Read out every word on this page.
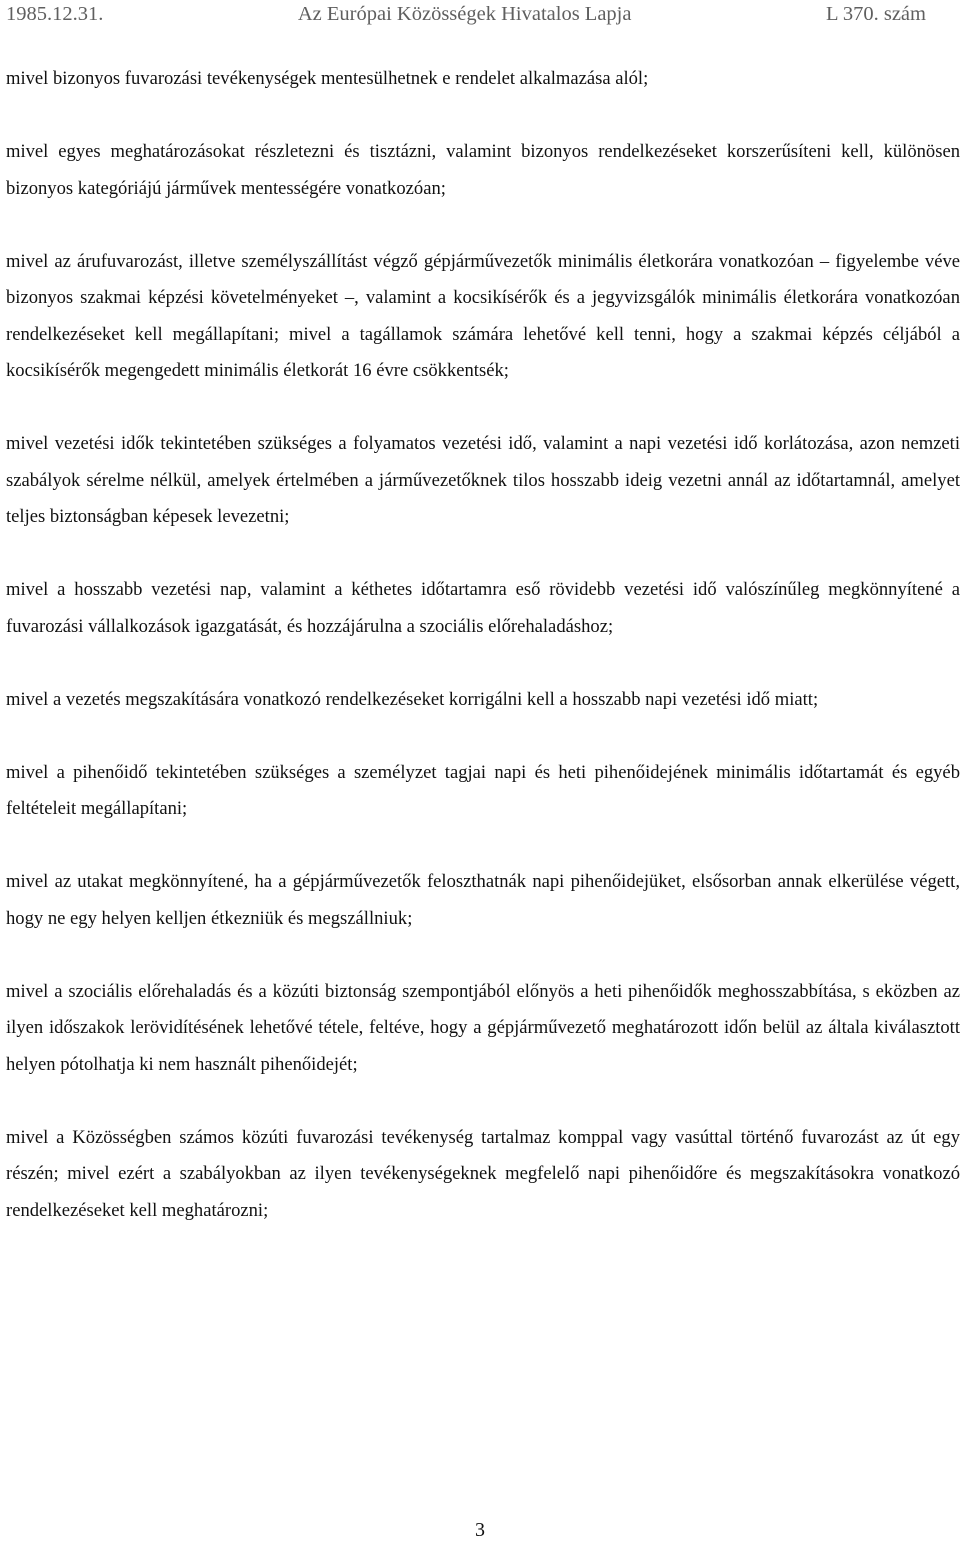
1985.12.31.	Az Európai Közösségek Hivatalos Lapja	L 370. szám

mivel bizonyos fuvarozási tevékenységek mentesülhetnek e rendelet alkalmazása alól;

mivel egyes meghatározásokat részletezni és tisztázni, valamint bizonyos rendelkezéseket korszerűsíteni kell, különösen bizonyos kategóriájú járművek mentességére vonatkozóan;

mivel az árufuvarozást, illetve személyszállítást végző gépjárművezetők minimális életkorára vonatkozóan – figyelembe véve bizonyos szakmai képzési követelményeket –, valamint a kocsikísérők és a jegyvizsgálók minimális életkorára vonatkozóan rendelkezéseket kell megállapítani; mivel a tagállamok számára lehetővé kell tenni, hogy a szakmai képzés céljából a kocsikísérők megengedett minimális életkorát 16 évre csökkentsék;

mivel vezetési idők tekintetében szükséges a folyamatos vezetési idő, valamint a napi vezetési idő korlátozása, azon nemzeti szabályok sérelme nélkül, amelyek értelmében a járművezetőknek tilos hosszabb ideig vezetni annál az időtartamnál, amelyet teljes biztonságban képesek levezetni;

mivel a hosszabb vezetési nap, valamint a kéthetes időtartamra eső rövidebb vezetési idő valószínűleg megkönnyítené a fuvarozási vállalkozások igazgatását, és hozzájárulna a szociális előrehaladáshoz;

mivel a vezetés megszakítására vonatkozó rendelkezéseket korrigálni kell a hosszabb napi vezetési idő miatt;

mivel a pihenőidő tekintetében szükséges a személyzet tagjai napi és heti pihenőidejének minimális időtartamát és egyéb feltételeit megállapítani;

mivel az utakat megkönnyítené, ha a gépjárművezetők feloszthatnák napi pihenőidejüket, elsősorban annak elkerülése végett, hogy ne egy helyen kelljen étkezniük és megszállniuk;

mivel a szociális előrehaladás és a közúti biztonság szempontjából előnyös a heti pihenőidők meghosszabbítása, s eközben az ilyen időszakok lerövidítésének lehetővé tétele, feltéve, hogy a gépjárművezető meghatározott időn belül az általa kiválasztott helyen pótolhatja ki nem használt pihenőidejét;

mivel a Közösségben számos közúti fuvarozási tevékenység tartalmaz komppal vagy vasúttal történő fuvarozást az út egy részén; mivel ezért a szabályokban az ilyen tevékenységeknek megfelelő napi pihenőidőre és megszakításokra vonatkozó rendelkezéseket kell meghatározni;

3
